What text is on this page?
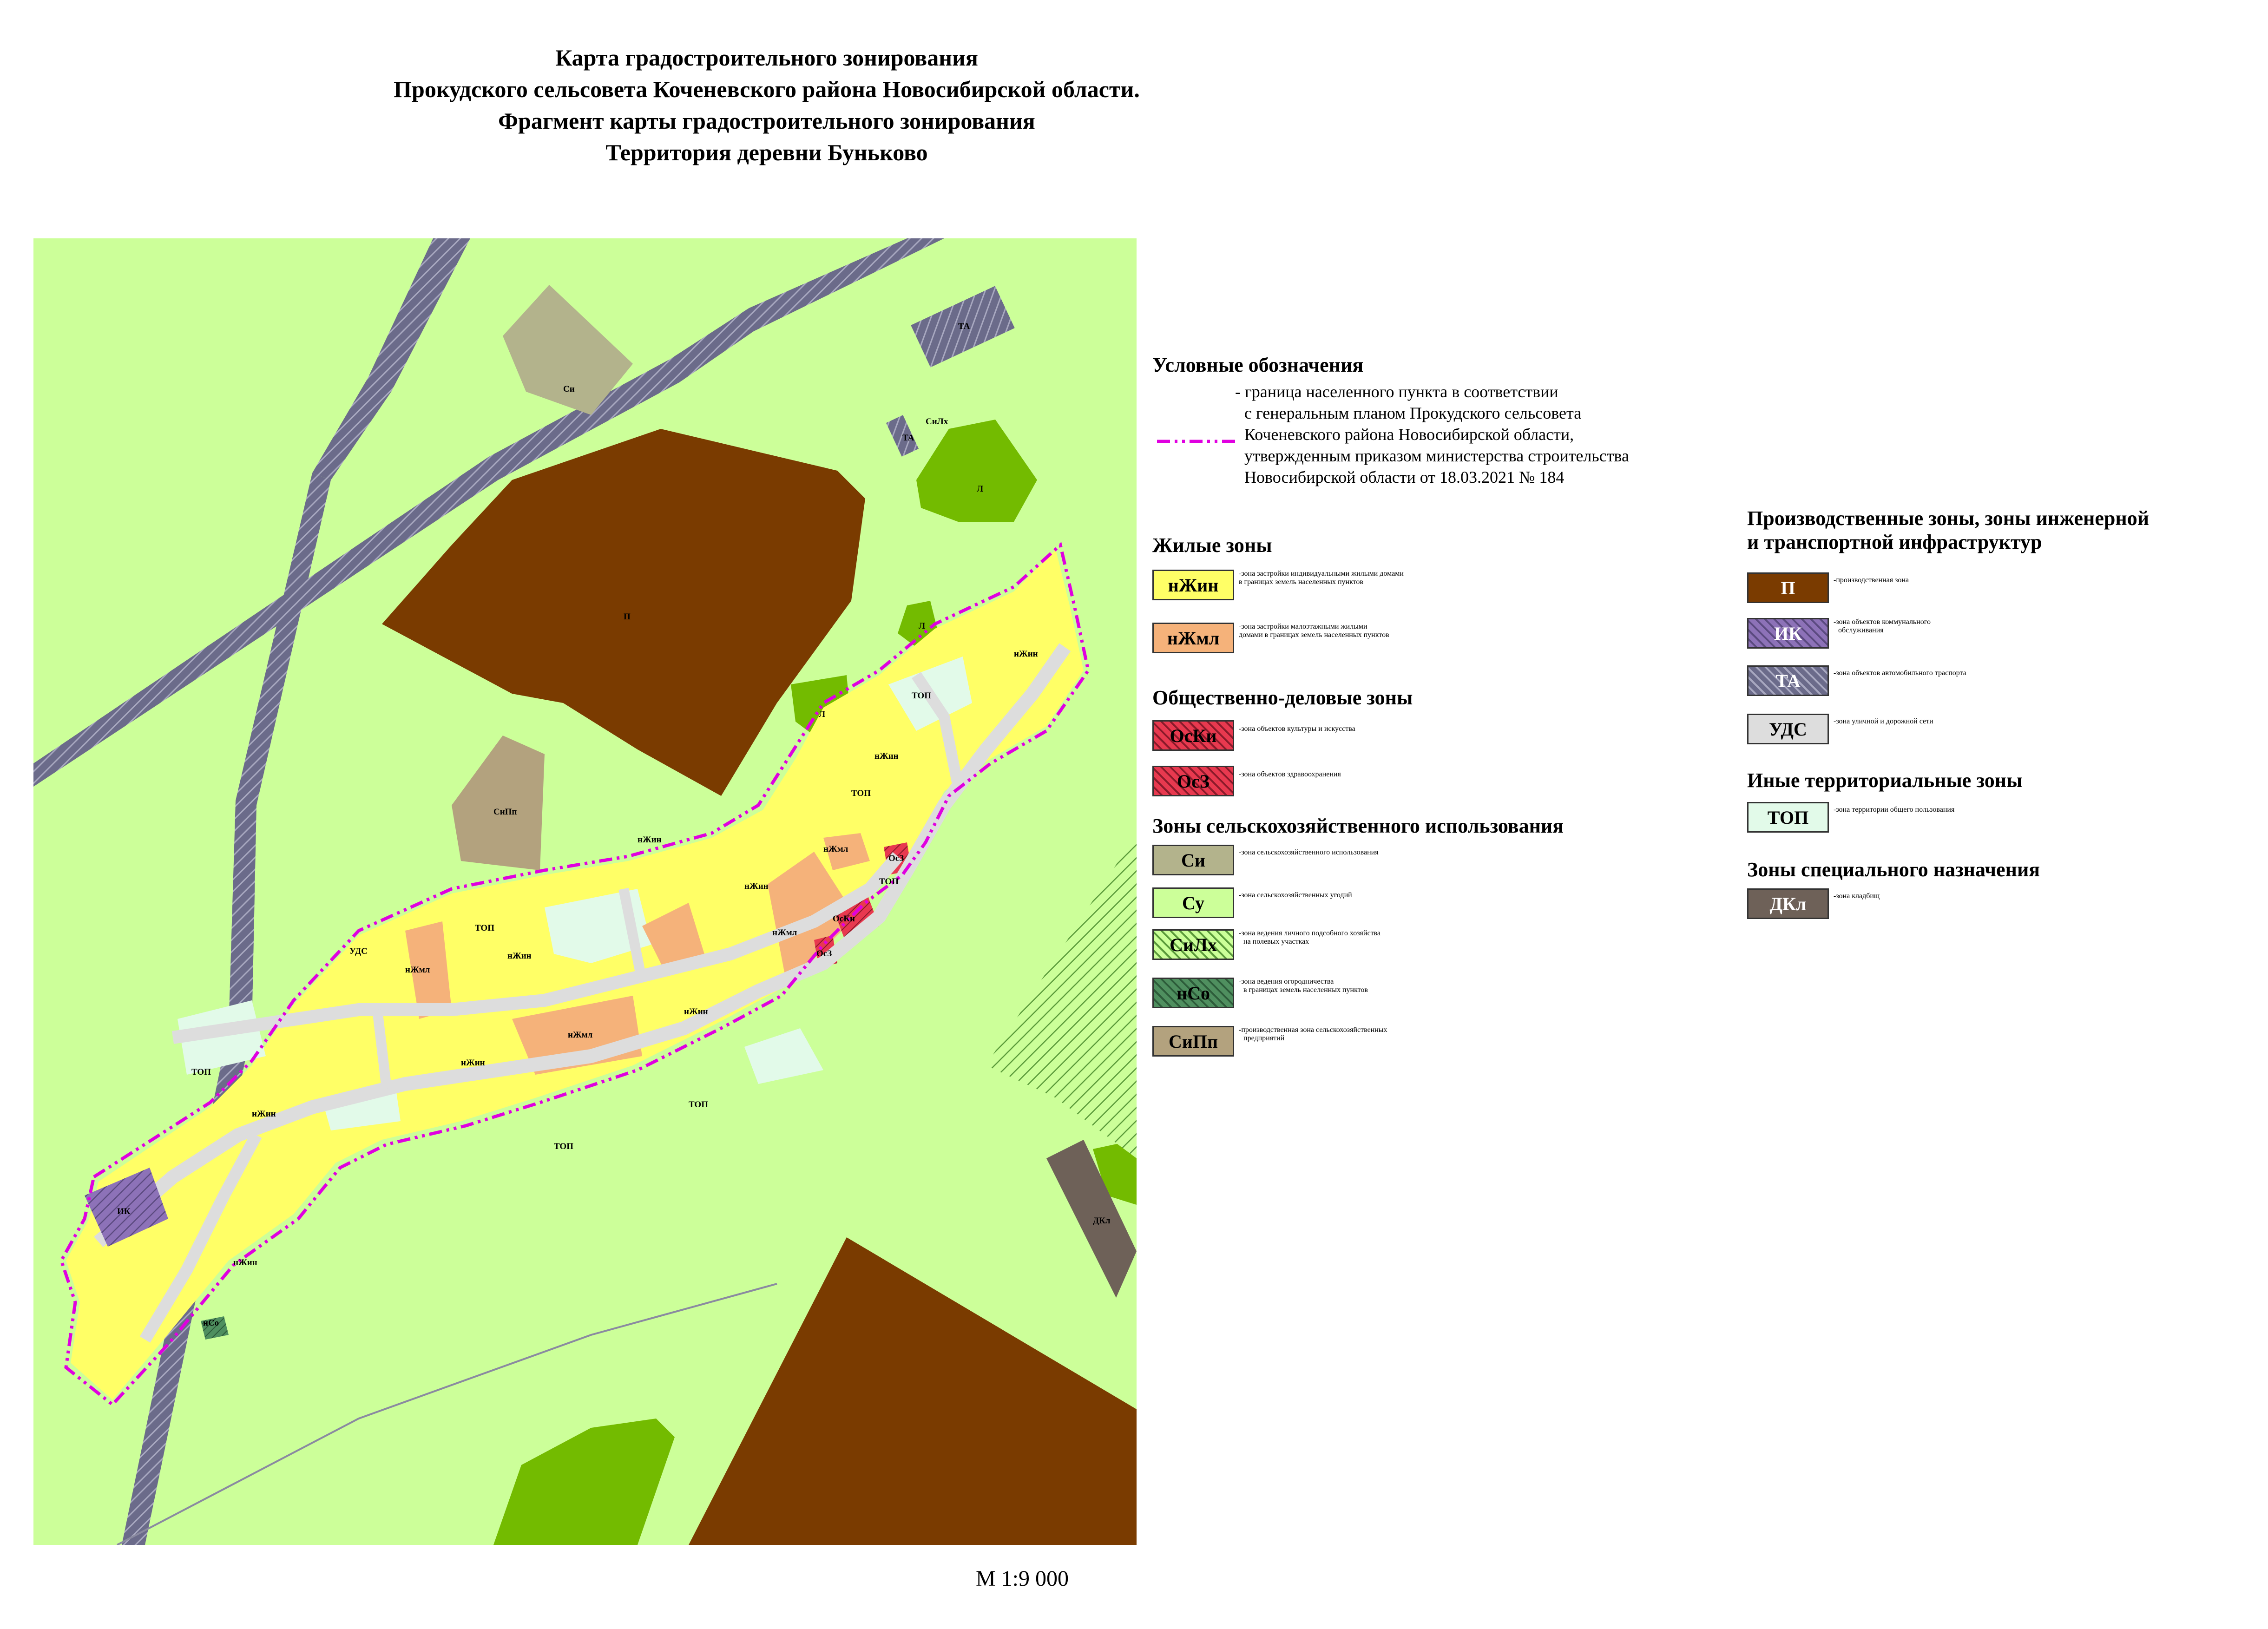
Карта градостроительного зонирования
Прокудского сельсовета Коченевского района Новосибирской области.
Фрагмент карты градостроительного зонирования
Территория деревни Буньково
Си
ТА
ТА
СиЛх
Л
Л
Л
П
СиПп
ИК
ДКл
нЖин
нЖин
нЖин
нЖин
нЖин
нЖин
нЖин
нЖин
нЖин
нЖмл
нЖмл
нЖмл
нЖмл
ТОП
ТОП
ТОП
ТОП
ТОП
ТОП
ТОП
УДС
ОсЗ
ОсЗ
ОсКи
нСо
М 1:9 000
Условные обозначения
- граница населенного пункта в соответствии
с генеральным планом Прокудского сельсовета
Коченевского района Новосибирской области,
утвержденным приказом министерства строительства
Новосибирской области от 18.03.2021 № 184
Жилые зоны
нЖин
-зона застройки индивидуальными жилыми домами
в границах земель населенных пунктов
нЖмл
-зона застройки малоэтажными жилыми
домами в границах земель населенных пунктов
Общественно-деловые зоны
ОсКи	-зона объектов культуры и искусства
ОсЗ	-зона объектов здравоохранения
Зоны сельскохозяйственного использования
Си	-зона сельскохозяйственного использования
Су	-зона сельскохозяйственных угодий
СиЛх
-зона ведения личного подсобного хозяйства
на полевых участках
нСо
-зона ведения огородничества
в границах земель населенных пунктов
СиПп
-производственная зона сельскохозяйственных
предприятий
Производственные зоны, зоны инженерной
и транспортной инфраструктур
П	-производственная зона
ИК
-зона объектов коммунального
обслуживания
ТА	-зона объектов автомобильного траспорта
УДС	-зона уличной и дорожной сети
Иные территориальные зоны
ТОП	-зона территории общего пользования
Зоны специального назначения
ДКл	-зона кладбищ
